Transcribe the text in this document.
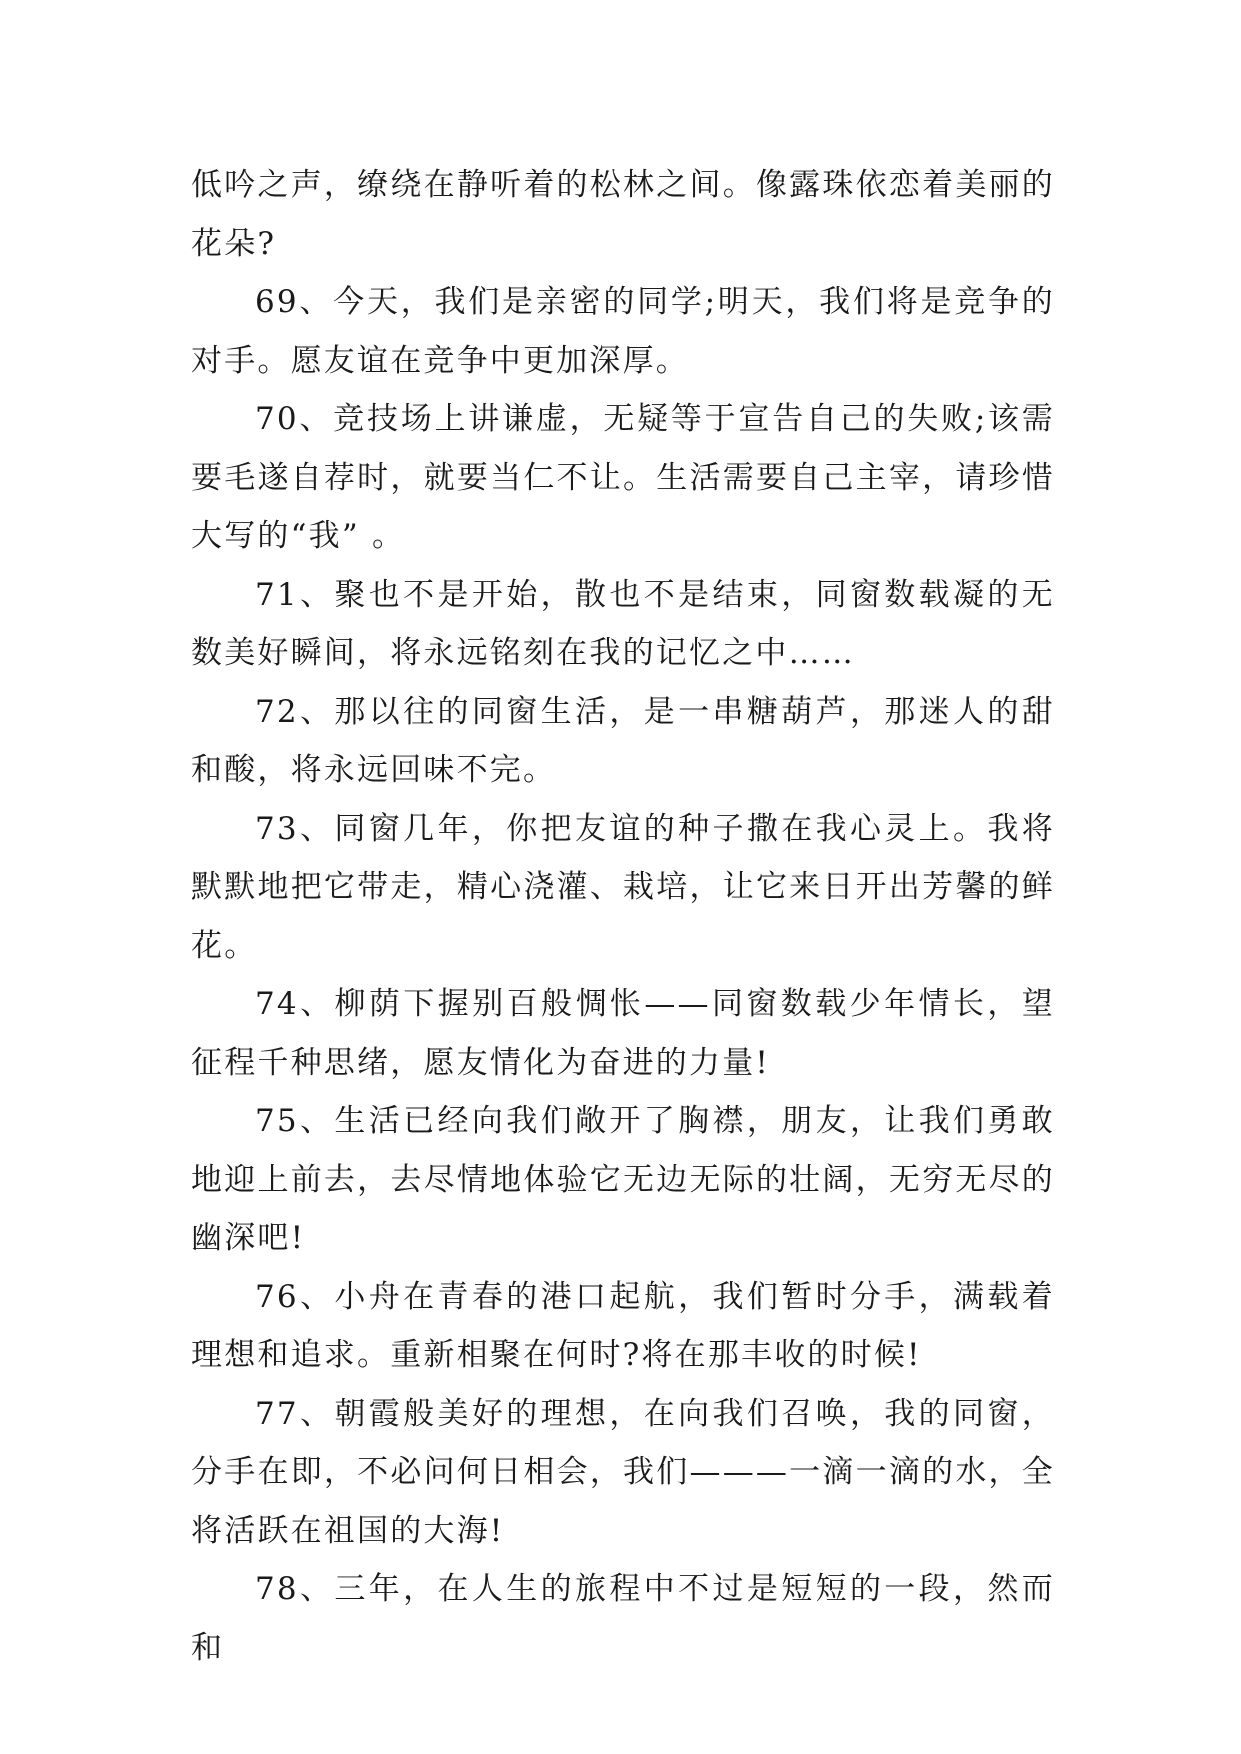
低吟之声，缭绕在静听着的松林之间。像露珠依恋着美丽的花朵?

69、今天，我们是亲密的同学;明天，我们将是竞争的对手。愿友谊在竞争中更加深厚。

70、竞技场上讲谦虚，无疑等于宣告自己的失败;该需要毛遂自荐时，就要当仁不让。生活需要自己主宰，请珍惜大写的“我” 。

71、聚也不是开始，散也不是结束，同窗数载凝的无数美好瞬间，将永远铭刻在我的记忆之中……

72、那以往的同窗生活，是一串糖葫芦，那迷人的甜和酸，将永远回味不完。

73、同窗几年，你把友谊的种子撒在我心灵上。我将默默地把它带走，精心浇灌、栽培，让它来日开出芳馨的鲜花。

74、柳荫下握别百般惆怅——同窗数载少年情长，望征程千种思绪，愿友情化为奋进的力量!

75、生活已经向我们敞开了胸襟，朋友，让我们勇敢地迎上前去，去尽情地体验它无边无际的壮阔，无穷无尽的幽深吧!

76、小舟在青春的港口起航，我们暂时分手，满载着理想和追求。重新相聚在何时?将在那丰收的时候!

77、朝霞般美好的理想，在向我们召唤，我的同窗，分手在即，不必问何日相会，我们———一滴一滴的水，全将活跃在祖国的大海!

78、三年，在人生的旅程中不过是短短的一段，然而和
